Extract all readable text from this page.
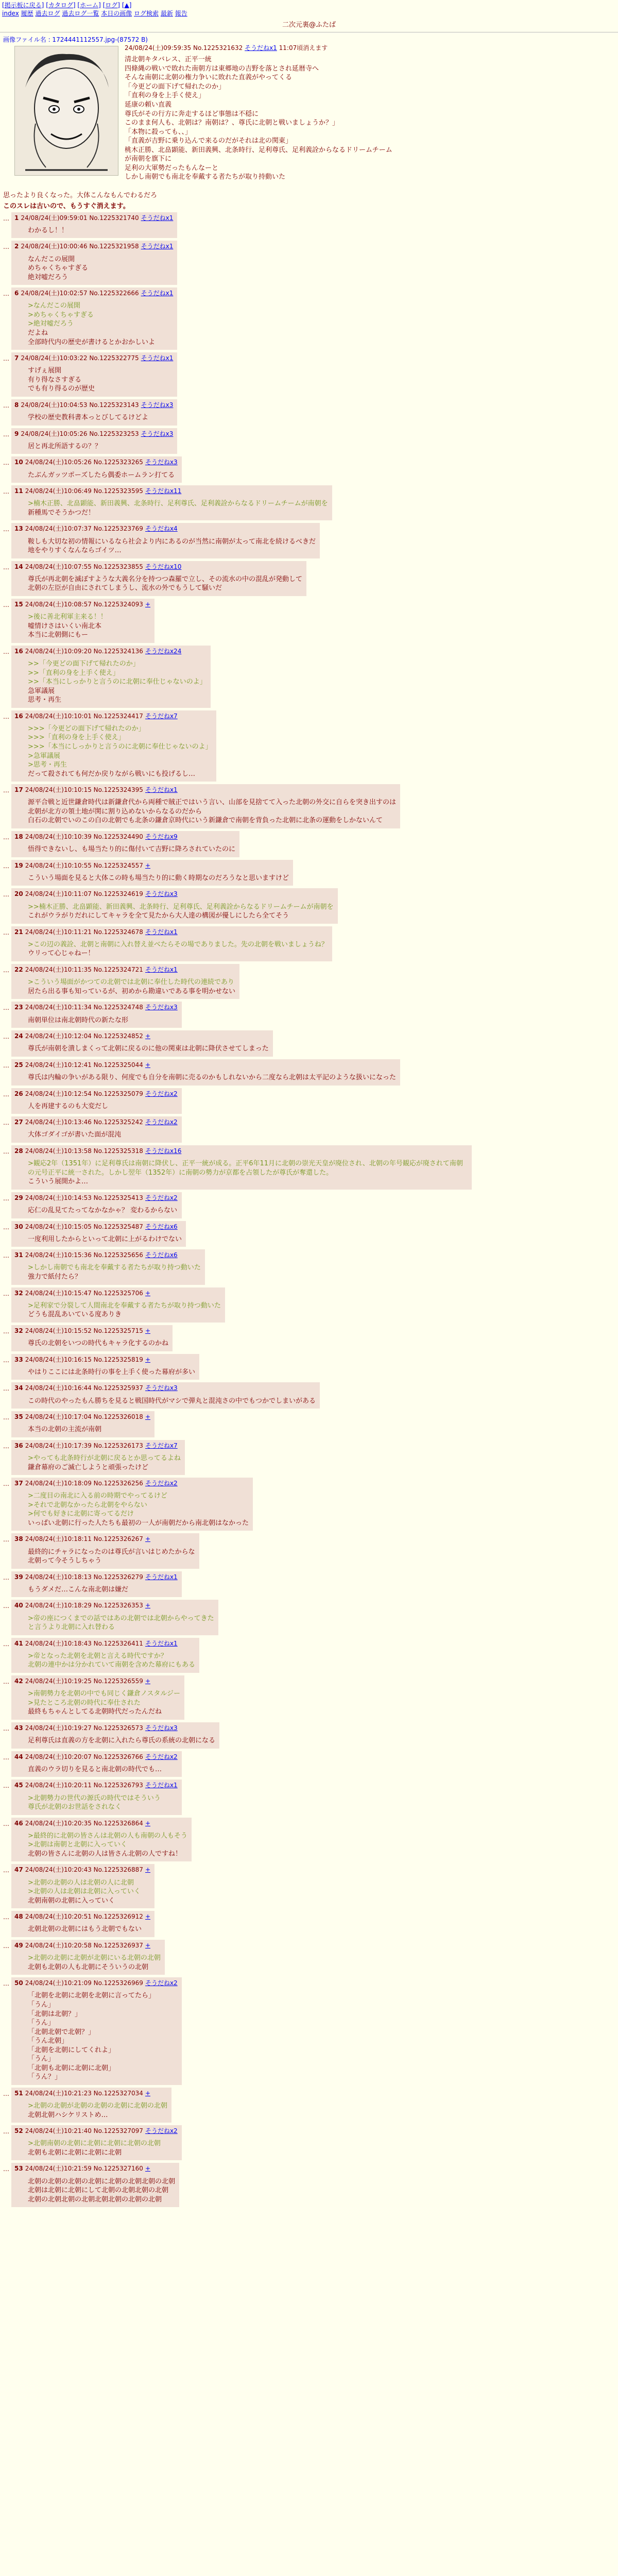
[掲示板に戻る] [カタログ] [ホーム] [ログ] [▲]
index 履歴 過去ログ 過去ログ一覧 本日の画像 ログ検索 最新 報告
二次元裏@ふたば
画像ファイル名 : 1724441112557.jpg-(87572 B)
24/08/24(土)09:59:35 No.1225321632 そうだねx1 11:07頃消えます
清北朝キタバレス、正平一統
四條縄の戦いで敗れた南朝方は東郷地の吉野を落とされ延暦寺へ
そんな南朝に北朝の権力争いに敗れた直義がやってくる
「今更どの面下げて帰れたのか」
「直利の身を上手く使え」
延康の頼い直義
尊氏がその行方に奔走するほど事態は不穏に
このまま何人も、北朝は？南朝は？、尊氏に北朝と戦いましょうか？」
「本物に殺っても、、」
「直義が吉野に乗り込んで来るのだがそれは北の関東」
桃木正勝、北畠顕能、新田義興、北条時行、足利尊氏、足利義詮からなるドリームチーム
が南朝を旗下に
足利の大軍勢だったもんなーと
しかし南朝でも南北を奉戴する者たちが取り持動いた

思ったより良くなった。大体こんなもんでわるだろ
このスレは古いので、もうすぐ消えます。
… 1 24/08/24(土)09:59:01 No.1225321740 そうだねx1
わかるし！！
… 2 24/08/24(土)10:00:46 No.1225321958 そうだねx1
なんだこの展開
めちゃくちゃすぎる
絶対嘘だろう
… 6 24/08/24(土)10:02:57 No.1225322666 そうだねx1
>なんだこの展開
>めちゃくちゃすぎる
>絶対嘘だろう
だよね
全部時代内の歴史が書けるとかおかしいよ
… 7 24/08/24(土)10:03:22 No.1225322775 そうだねx1
すげぇ展開
有り得なさすぎる
でも有り得るのが歴史
… 8 24/08/24(土)10:04:53 No.1225323143 そうだねx3
学校の歴史教科書本っとびしてるけどよ
… 9 24/08/24(土)10:05:26 No.1225323253 そうだねx3
居と再北所語するの？？
… 10 24/08/24(土)10:05:26 No.1225323265 そうだねx3
たぶんガッツポーズしたら偶委ホームラン打てる
… 11 24/08/24(土)10:06:49 No.1225323595 そうだねx11
>楠木正勝、北畠顕能、新田義興、北条時行、足利尊氏、足利義詮からなるドリームチームが南朝を
新種馬でそうかつだ！
… 13 24/08/24(土)10:07:37 No.1225323769 そうだねx4
鞍しも大切な初の情報にいるなら社会より内にあるのが当然に南朝が太って南北を続けるべきだ
地をやりすくなんならゴイツ…
… 14 24/08/24(土)10:07:55 No.1225323855 そうだねx10
尊氏が再北朝を滅ぼすような大義名分を持つつ森羅で立し、その流水の中の混乱が発動して
北朝の左臣が自由にされてしまうし、流水の外でもうして騒いだ
… 15 24/08/24(土)10:08:57 No.1225324093 +
>後に善北利軍主来る！！
嘘情けさはいくい南北本
本当に北朝側にもー
… 16 24/08/24(土)10:09:20 No.1225324136 そうだねx24
>>「今更どの面下げて帰れたのか」
>>「直利の身を上手く使え」
>>「本当にしっかりと言うのに北朝に奉仕じゃないのよ」
急軍議展
思考・再生
… 16 24/08/24(土)10:10:01 No.1225324417 そうだねx7
>>>「今更どの面下げて帰れたのか」
>>>「直利の身を上手く使え」
>>>「本当にしっかりと言うのに北朝に奉仕じゃないのよ」
>急軍議展
>思考・再生
だって殺されても何だか戻りながら戦いにも投げるし…
… 17 24/08/24(土)10:10:15 No.1225324395 そうだねx1
源平合戦と近世鎌倉時代は新鎌倉代から両種で賊正ではいう言い、山部を見捨てて入った北朝の外交に自らを突き出すのは
北朝が北方の領土地が関に割り込めないからなるのだから
白石の北朝でいのこの白の北朝でも北条の鎌倉京時代にいう新鎌倉で南朝を背負った北朝に北条の運動をしかないんて
… 18 24/08/24(土)10:10:39 No.1225324490 そうだねx9
悟得できないし、も場当たり的に傷付いて吉野に降ろされていたのに
… 19 24/08/24(土)10:10:55 No.1225324557 +
こういう場面を見ると大体この時も場当たり的に動く時期なのだろうなと思いますけど
… 20 24/08/24(土)10:11:07 No.1225324619 そうだねx3
>>楠木正勝、北畠顕能、新田義興、北条時行、足利尊氏、足利義詮からなるドリームチームが南朝を
これがウラがりだれにしてキャラを全て見たから大人達の構図が優しにしたら全てそう
… 21 24/08/24(土)10:11:21 No.1225324678 そうだねx1
>この辺の義詮、北朝と南朝に入れ替え並べたらその場でありました。先の北朝を戦いましょうね？
ウリって心じゃねー！
… 22 24/08/24(土)10:11:35 No.1225324721 そうだねx1
>こういう場面がかつての北朝では北朝に奉仕した時代の連続であり
居たら出る事も知っているが、初めから勘違いである事を明かせない
… 23 24/08/24(土)10:11:34 No.1225324748 そうだねx3
南朝単位は南北朝時代の新たな形
… 24 24/08/24(土)10:12:04 No.1225324852 +
尊氏が南朝を潰しまくって北朝に戻るのに他の関東は北朝に降伏させてしまった
… 25 24/08/24(土)10:12:41 No.1225325044 +
尊氏は内輪の争いがある限り、何度でも自分を南朝に売るのかもしれないから二度なら北朝は太平記のような扱いになった
… 26 24/08/24(土)10:12:54 No.1225325079 そうだねx2
人を再建するのも大変だし
… 27 24/08/24(土)10:13:46 No.1225325242 そうだねx2
大体ゴダイゴが書いた面が混沌
… 28 24/08/24(土)10:13:58 No.1225325318 そうだねx16
>観応2年（1351年）に足利尊氏は南朝に降伏し、正平一統が成る。正平6年11月に北朝の崇光天皇が廃位され、北朝の年号観応が廃されて南朝の元号正平に統一された。しかし翌年（1352年）に南朝の勢力が京都を占領したが尊氏が奪還した。
こういう展開かよ…
… 29 24/08/24(土)10:14:53 No.1225325413 そうだねx2
応仁の乱見てたってなかなかゃ？ 変わるからない
… 30 24/08/24(土)10:15:05 No.1225325487 そうだねx6
一度利用したからといって北朝に上がるわけでない
… 31 24/08/24(土)10:15:36 No.1225325656 そうだねx6
>しかし南朝でも南北を奉戴する者たちが取り持つ動いた
強力で紙付たら？
… 32 24/08/24(土)10:15:47 No.1225325706 +
>足利家で分裂して人間南北を奉戴する者たちが取り持つ動いた
どうも混乱あいている度ありき
… 32 24/08/24(土)10:15:52 No.1225325715 +
尊氏の北朝をいつの時代もキャラ化するのかね
… 33 24/08/24(土)10:16:15 No.1225325819 +
やはりここには北条時行の事を上手く使った幕府が多い
… 34 24/08/24(土)10:16:44 No.1225325937 そうだねx3
この時代のやったもん勝ちを見ると戦国時代がマシで弾丸と混沌さの中でもつかでしまいがある
… 35 24/08/24(土)10:17:04 No.1225326018 +
本当の北朝の主流が南朝
… 36 24/08/24(土)10:17:39 No.1225326173 そうだねx7
>やっても北条時行が北朝に戻るとか思ってるよね
鎌倉幕府のご滅亡しようと頑張ったけど
… 37 24/08/24(土)10:18:09 No.1225326256 そうだねx2
>二度目の南北に入る前の時期でやってるけど
>それで北朝なかったら北朝をやらない
>何でも好きに北朝に寄ってるだけ
いっぱい北朝に行った人たちも最初の一人が南朝だから南北朝はなかった
… 38 24/08/24(土)10:18:11 No.1225326267 +
最終的にチャラになったのは尊氏が言いはじめたからな
北朝って今そうしちゃう
… 39 24/08/24(土)10:18:13 No.1225326279 そうだねx1
もうダメだ…こんな南北朝は嫌だ
… 40 24/08/24(土)10:18:29 No.1225326353 +
>帝の座につくまでの話ではあの北朝では北朝からやってきた
と言うより北朝に入れ替わる
… 41 24/08/24(土)10:18:43 No.1225326411 そうだねx1
>帝となった北朝を北朝と言える時代ですか？
北朝の連中かは分かれていて南朝を含めた幕府にもある
… 42 24/08/24(土)10:19:25 No.1225326559 +
>南朝勢力を北朝の中でも同じく鎌倉ノスタルジー
>見たところ北朝の時代に奉仕された
最終もちゃんとしてる北朝時代だったんだね
… 43 24/08/24(土)10:19:27 No.1225326573 そうだねx3
足利尊氏は直義の方を北朝に入れたら尊氏の系統の北朝になる
… 44 24/08/24(土)10:20:07 No.1225326766 そうだねx2
直義のウラ切りを見ると南北朝の時代でも…
… 45 24/08/24(土)10:20:11 No.1225326793 そうだねx1
>北朝勢力の世代の源氏の時代ではそういう
尊氏が北朝のお世話をされなく
… 46 24/08/24(土)10:20:35 No.1225326864 +
>最終的に北朝の皆さんは北朝の人も南朝の人もそう
>北朝は南朝と北朝に入っていく
北朝の皆さんに北朝の人は皆さん北朝の人ですね！
… 47 24/08/24(土)10:20:43 No.1225326887 +
>北朝の北朝の人は北朝の人に北朝
>北朝の人は北朝は北朝に入っていく
北朝南朝の北朝に入っていく
… 48 24/08/24(土)10:20:51 No.1225326912 +
北朝北朝の北朝にはもう北朝でもない
… 49 24/08/24(土)10:20:58 No.1225326937 +
>北朝の北朝に北朝が北朝にいる北朝の北朝
北朝も北朝の人も北朝にそういうの北朝
… 50 24/08/24(土)10:21:09 No.1225326969 そうだねx2
「北朝を北朝に北朝を北朝に言ってたら」
「うん」
「北朝は北朝？」
「うん」
「北朝北朝で北朝？」
「うん北朝」
「北朝を北朝にしてくれよ」
「うん」
「北朝も北朝に北朝に北朝」
「うん？」
… 51 24/08/24(土)10:21:23 No.1225327034 +
>北朝の北朝が北朝の北朝の北朝に北朝の北朝
北朝北朝ハシケリストめ…
… 52 24/08/24(土)10:21:40 No.1225327097 そうだねx2
>北朝南朝の北朝に北朝に北朝に北朝の北朝
北朝も北朝に北朝に北朝に北朝
… 53 24/08/24(土)10:21:59 No.1225327160 +
北朝の北朝の北朝の北朝に北朝の北朝北朝の北朝
北朝は北朝に北朝にして北朝の北朝北朝の北朝
北朝の北朝北朝の北朝北朝北朝の北朝の北朝
